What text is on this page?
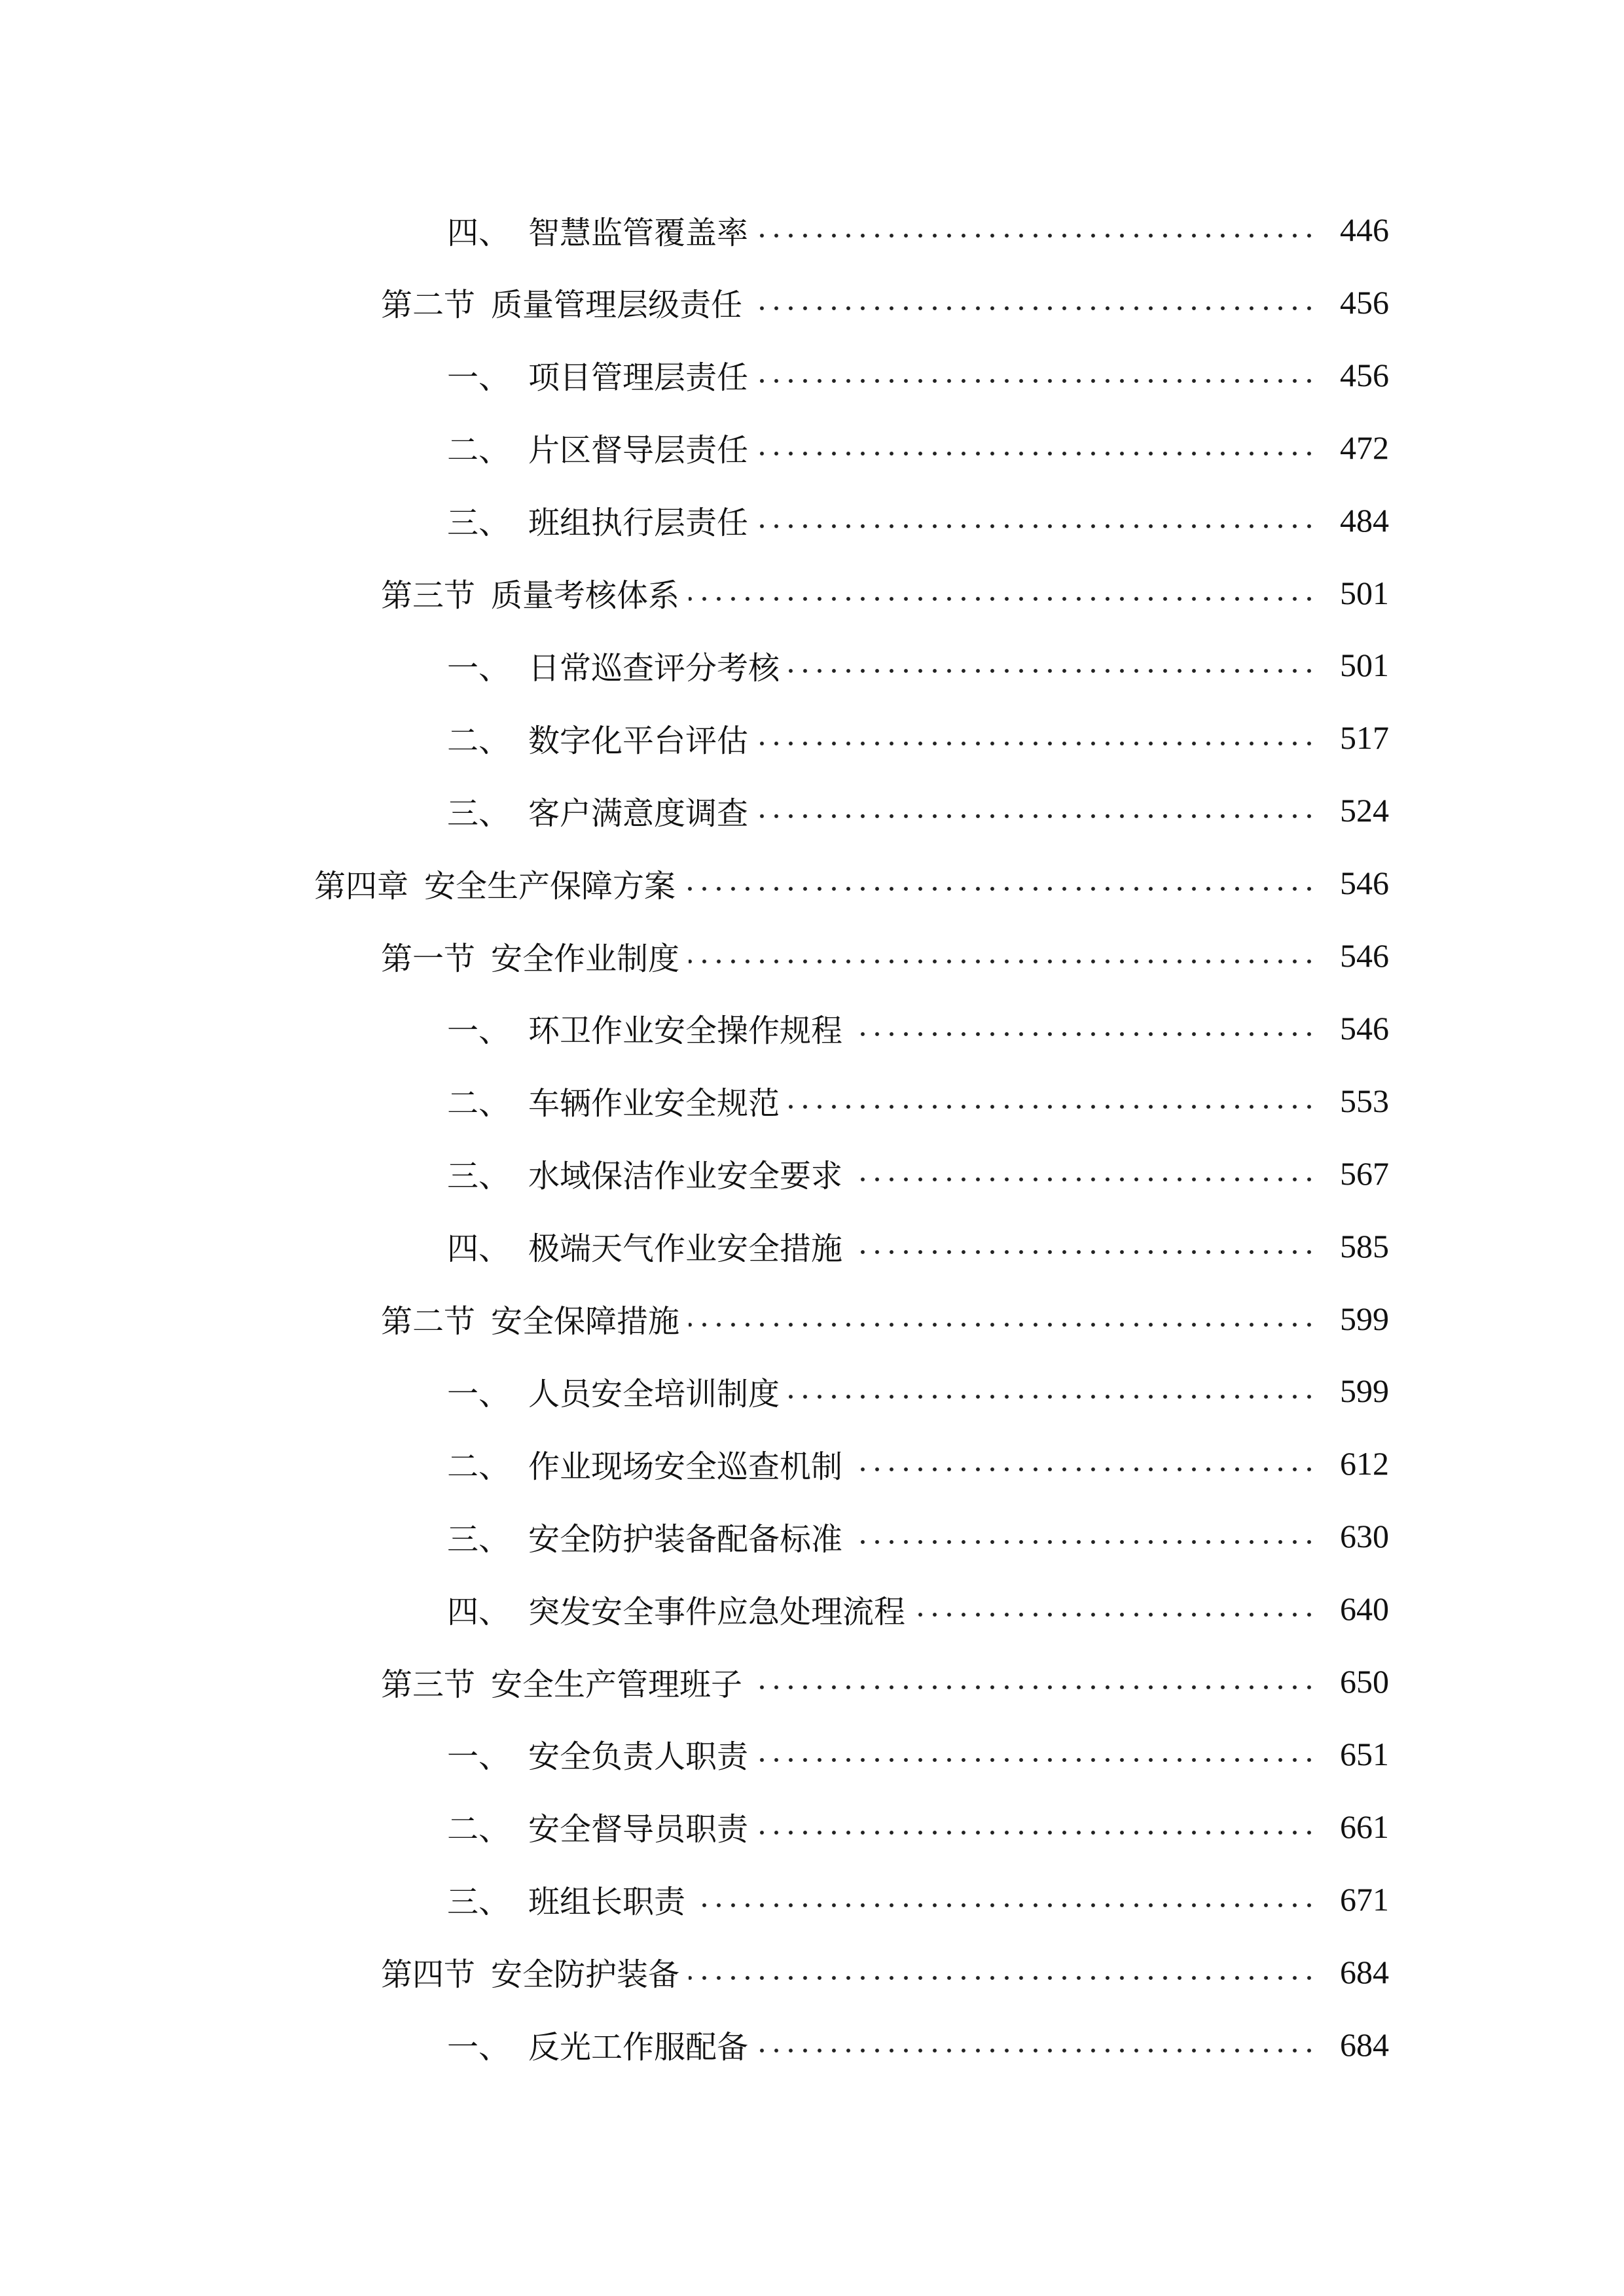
四、 智慧监管覆盖率	446
第二节 质量管理层级责任	456
一、 项目管理层责任	456
二、 片区督导层责任	472
三、 班组执行层责任	484
第三节 质量考核体系	501
一、 日常巡查评分考核	501
二、 数字化平台评估	517
三、 客户满意度调查	524
第四章 安全生产保障方案	546
第一节 安全作业制度	546
一、 环卫作业安全操作规程	546
二、 车辆作业安全规范	553
三、 水域保洁作业安全要求	567
四、 极端天气作业安全措施	585
第二节 安全保障措施	599
一、 人员安全培训制度	599
二、 作业现场安全巡查机制	612
三、 安全防护装备配备标准	630
四、 突发安全事件应急处理流程	640
第三节 安全生产管理班子	650
一、 安全负责人职责	651
二、 安全督导员职责	661
三、 班组长职责	671
第四节 安全防护装备	684
一、 反光工作服配备	684
